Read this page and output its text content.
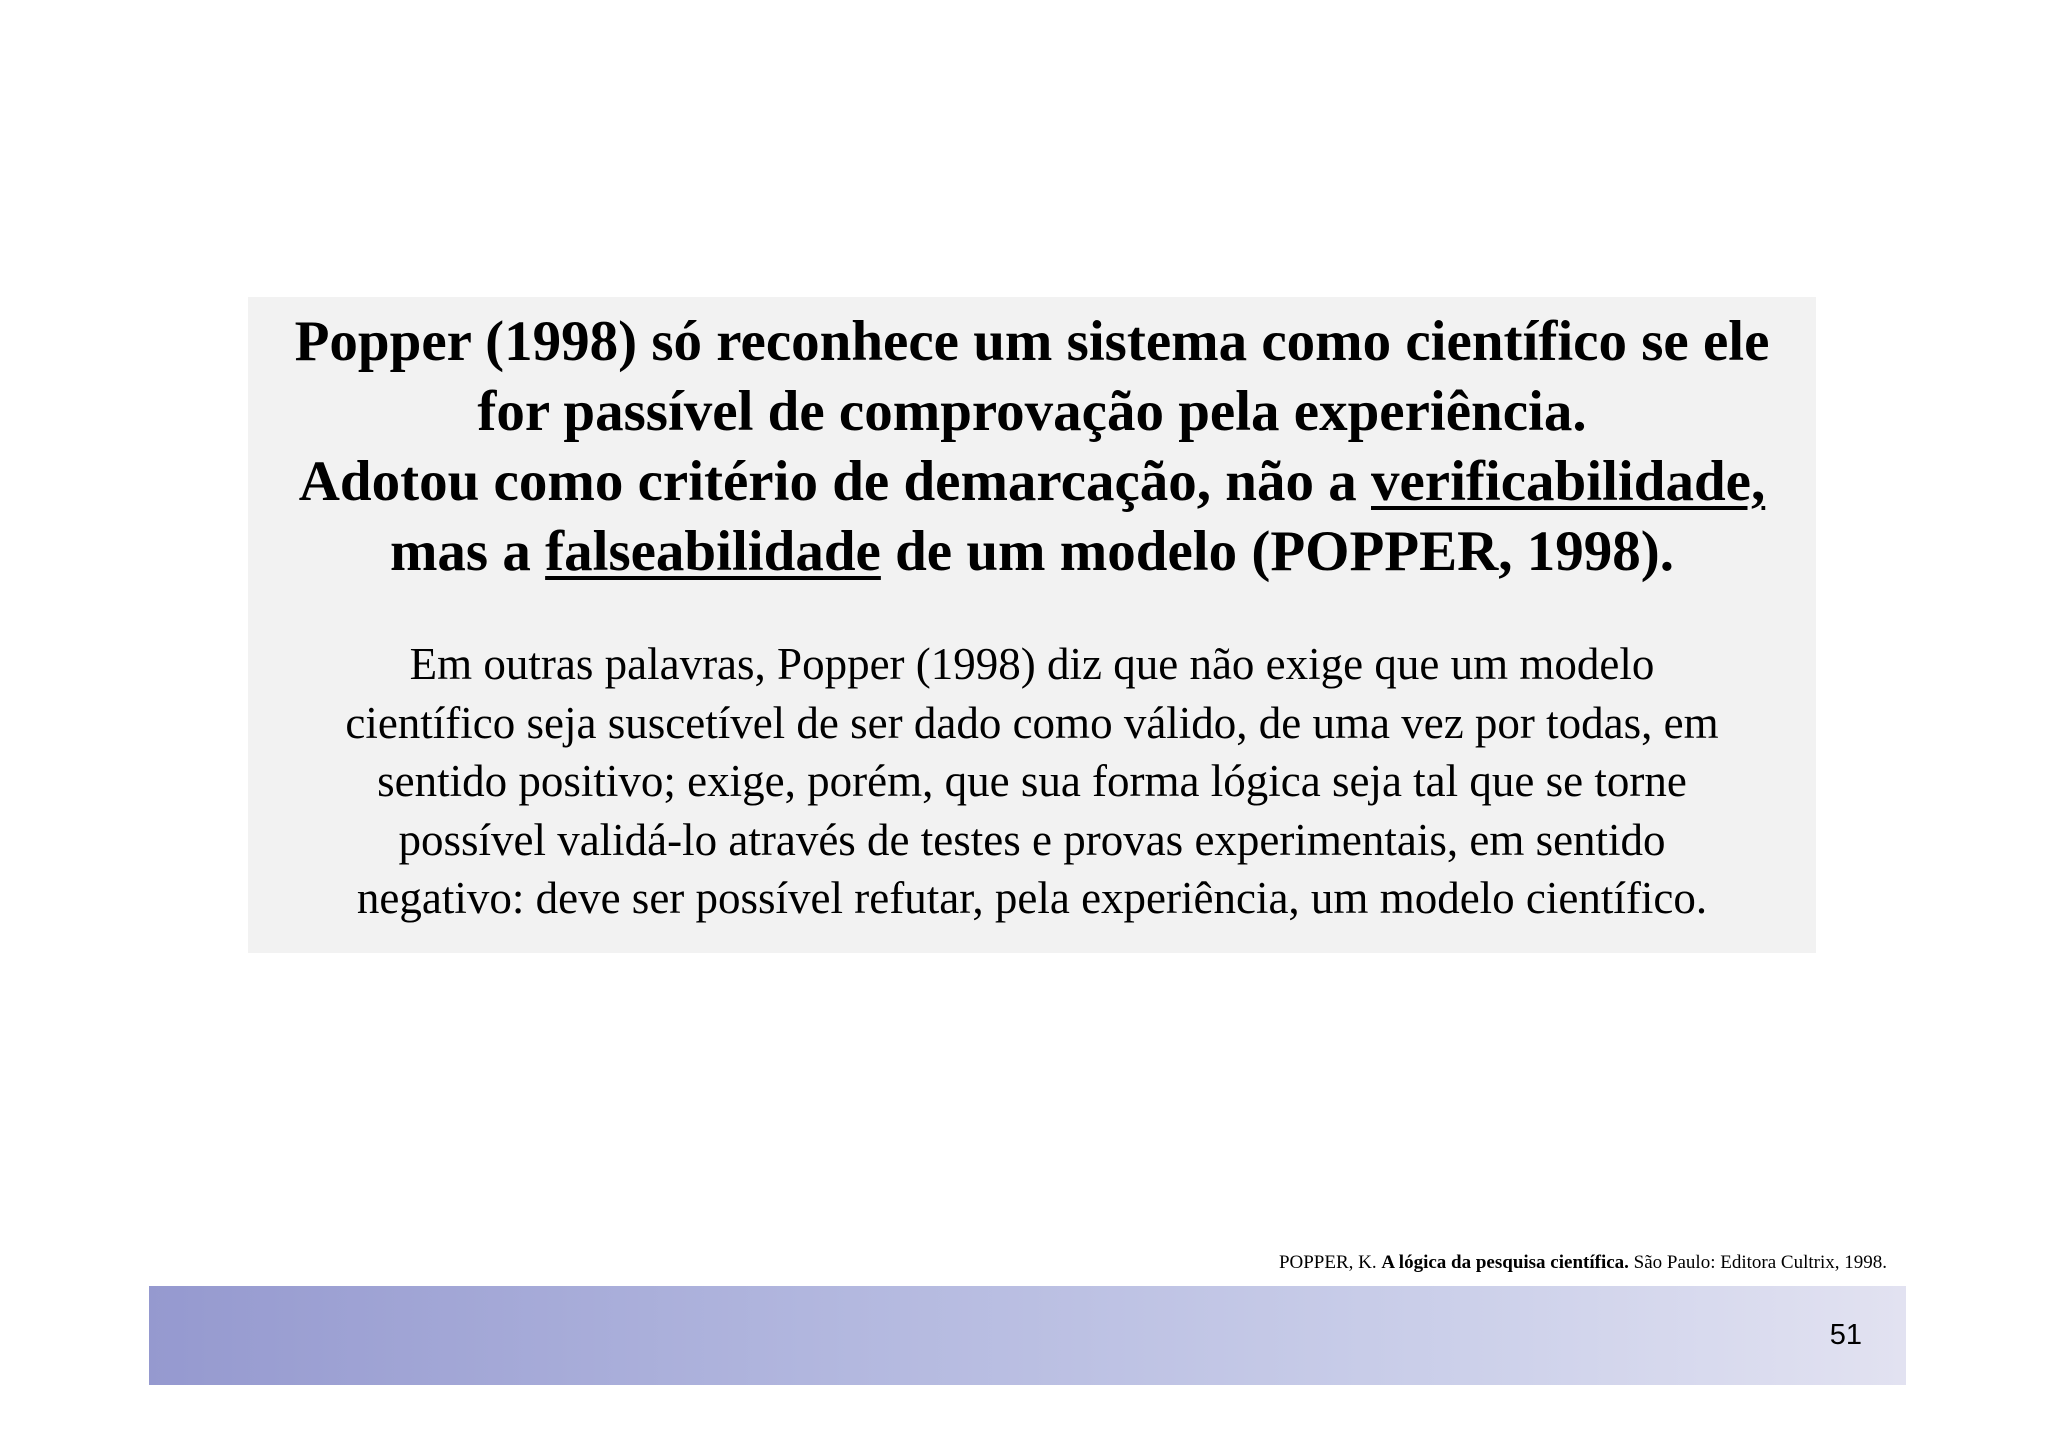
Popper (1998) só reconhece um sistema como científico se ele
for passível de comprovação pela experiência.
Adotou como critério de demarcação, não a verificabilidade,
mas a falseabilidade de um modelo (POPPER, 1998).

Em outras palavras, Popper (1998) diz que não exige que um modelo
científico seja suscetível de ser dado como válido, de uma vez por todas, em
sentido positivo; exige, porém, que sua forma lógica seja tal que se torne
possível validá-lo através de testes e provas experimentais, em sentido
negativo: deve ser possível refutar, pela experiência, um modelo científico.

POPPER, K. A lógica da pesquisa científica. São Paulo: Editora Cultrix, 1998.
51
